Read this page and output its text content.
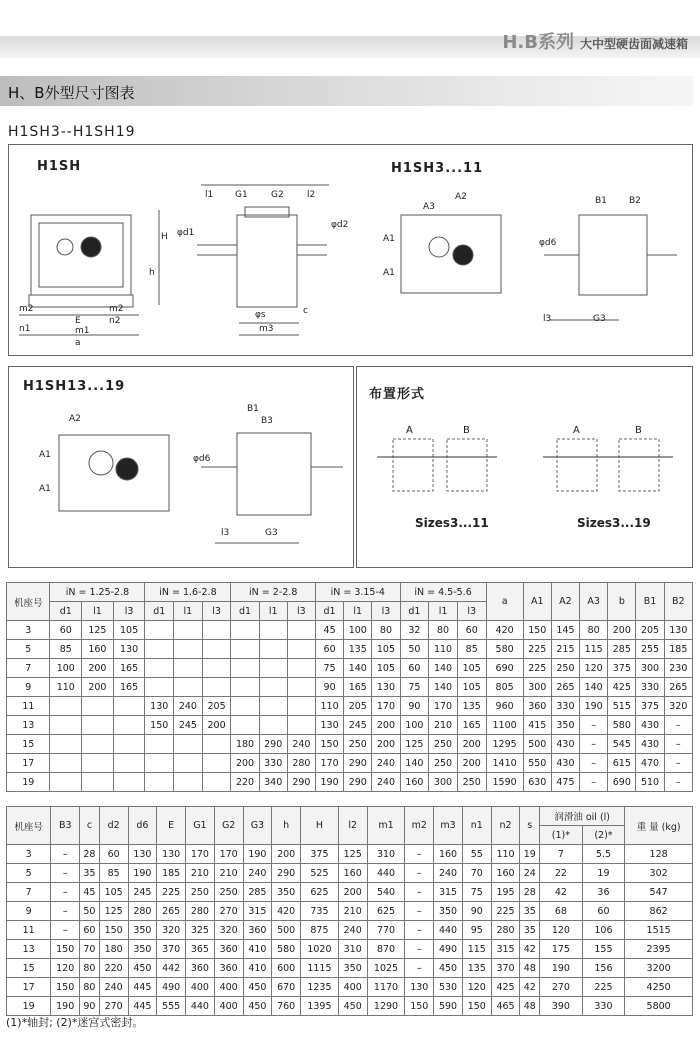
H.B系列 大中型硬齿面减速箱
H、B外型尺寸图表
H1SH3--H1SH19
H1SH	H1SH3...11
H
h
m2
E	n2
m1
a
n1
m2
l1 G1	G2	l2
φd1
φd2
φs
m3
c
A2
A3
A1
A1
B1 B2
φd6
l3	G3
H1SH13...19
A2
A1
A1
B1
B3
φd6
l3	G3
布置形式
A	B	A	B
Sizes3...11	Sizes3...19
机座号	iN = 1.25-2.8			iN = 1.6-2.8			iN = 2-2.8			iN = 3.15-4			iN = 4.5-5.6			a	A1	A2	A3	b	B1	B2
	d1	l1	l3	d1	l1	l3	d1	l1	l3	d1	l1	l3	d1	l1	l3							
3	60	125	105							45	100	80	32	80	60	420	150	145	80	200	205	130
5	85	160	130							60	135	105	50	110	85	580	225	215	115	285	255	185
7	100	200	165							75	140	105	60	140	105	690	225	250	120	375	300	230
9	110	200	165							90	165	130	75	140	105	805	300	265	140	425	330	265
11				130	240	205				110	205	170	90	170	135	960	360	330	190	515	375	320
13				150	245	200				130	245	200	100	210	165	1100	415	350	–	580	430	–
15							180	290	240	150	250	200	125	250	200	1295	500	430	–	545	430	–
17							200	330	280	170	290	240	140	250	200	1410	550	430	–	615	470	–
19							220	340	290	190	290	240	160	300	250	1590	630	475	–	690	510	–
机座号	B3	c	d2	d6	E	G1	G2	G3	h	H	l2	m1	m2	m3	n1	n2	s	润滑油 oil (l)		重 量 (kg)
																		(1)*	(2)*	
3	–	28	60	130	130	170	170	190	200	375	125	310	–	160	55	110	19	7	5.5	128
5	–	35	85	190	185	210	210	240	290	525	160	440	–	240	70	160	24	22	19	302
7	–	45	105	245	225	250	250	285	350	625	200	540	–	315	75	195	28	42	36	547
9	–	50	125	280	265	280	270	315	420	735	210	625	–	350	90	225	35	68	60	862
11	–	60	150	350	320	325	320	360	500	875	240	770	–	440	95	280	35	120	106	1515
13	150	70	180	350	370	365	360	410	580	1020	310	870	–	490	115	315	42	175	155	2395
15	120	80	220	450	442	360	360	410	600	1115	350	1025	–	450	135	370	48	190	156	3200
17	150	80	240	445	490	400	400	450	670	1235	400	1170	130	530	120	425	42	270	225	4250
19	190	90	270	445	555	440	400	450	760	1395	450	1290	150	590	150	465	48	390	330	5800
(1)*轴封; (2)*迷宫式密封。
